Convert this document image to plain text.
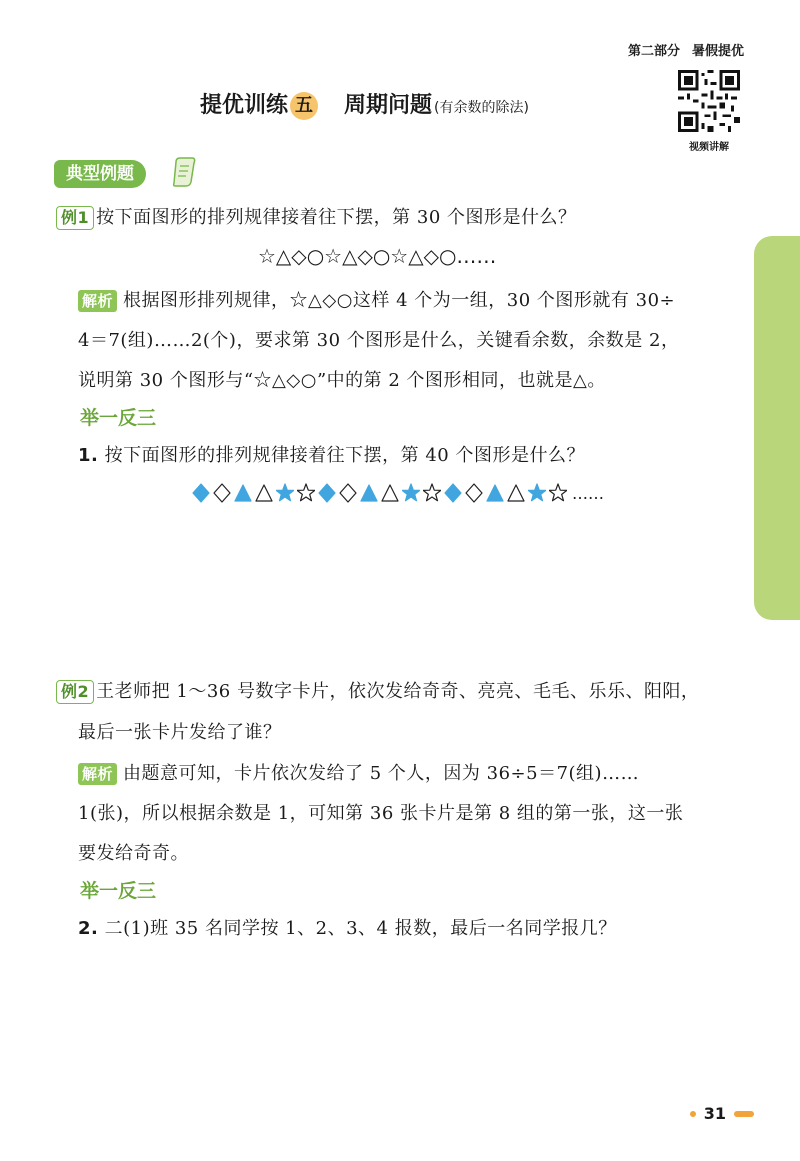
第二部分 暑假提优
提优训练 五 周期问题 (有余数的除法)
视频讲解
典型例题
例1 按下面图形的排列规律接着往下摆，第 30 个图形是什么？
☆△◇○☆△◇○☆△◇○……
解析 根据图形排列规律，☆△◇○这样 4 个为一组，30 个图形就有 30÷
4＝7(组)……2(个)，要求第 30 个图形是什么，关键看余数，余数是 2，
说明第 30 个图形与“☆△◇○”中的第 2 个图形相同，也就是△。
举一反三
1. 按下面图形的排列规律接着往下摆，第 40 个图形是什么？
……
例2 王老师把 1～36 号数字卡片，依次发给奇奇、亮亮、毛毛、乐乐、阳阳，
最后一张卡片发给了谁？
解析 由题意可知，卡片依次发给了 5 个人，因为 36÷5＝7(组)……
1(张)，所以根据余数是 1，可知第 36 张卡片是第 8 组的第一张，这一张
要发给奇奇。
举一反三
2. 二(1)班 35 名同学按 1、2、3、4 报数，最后一名同学报几？
31
